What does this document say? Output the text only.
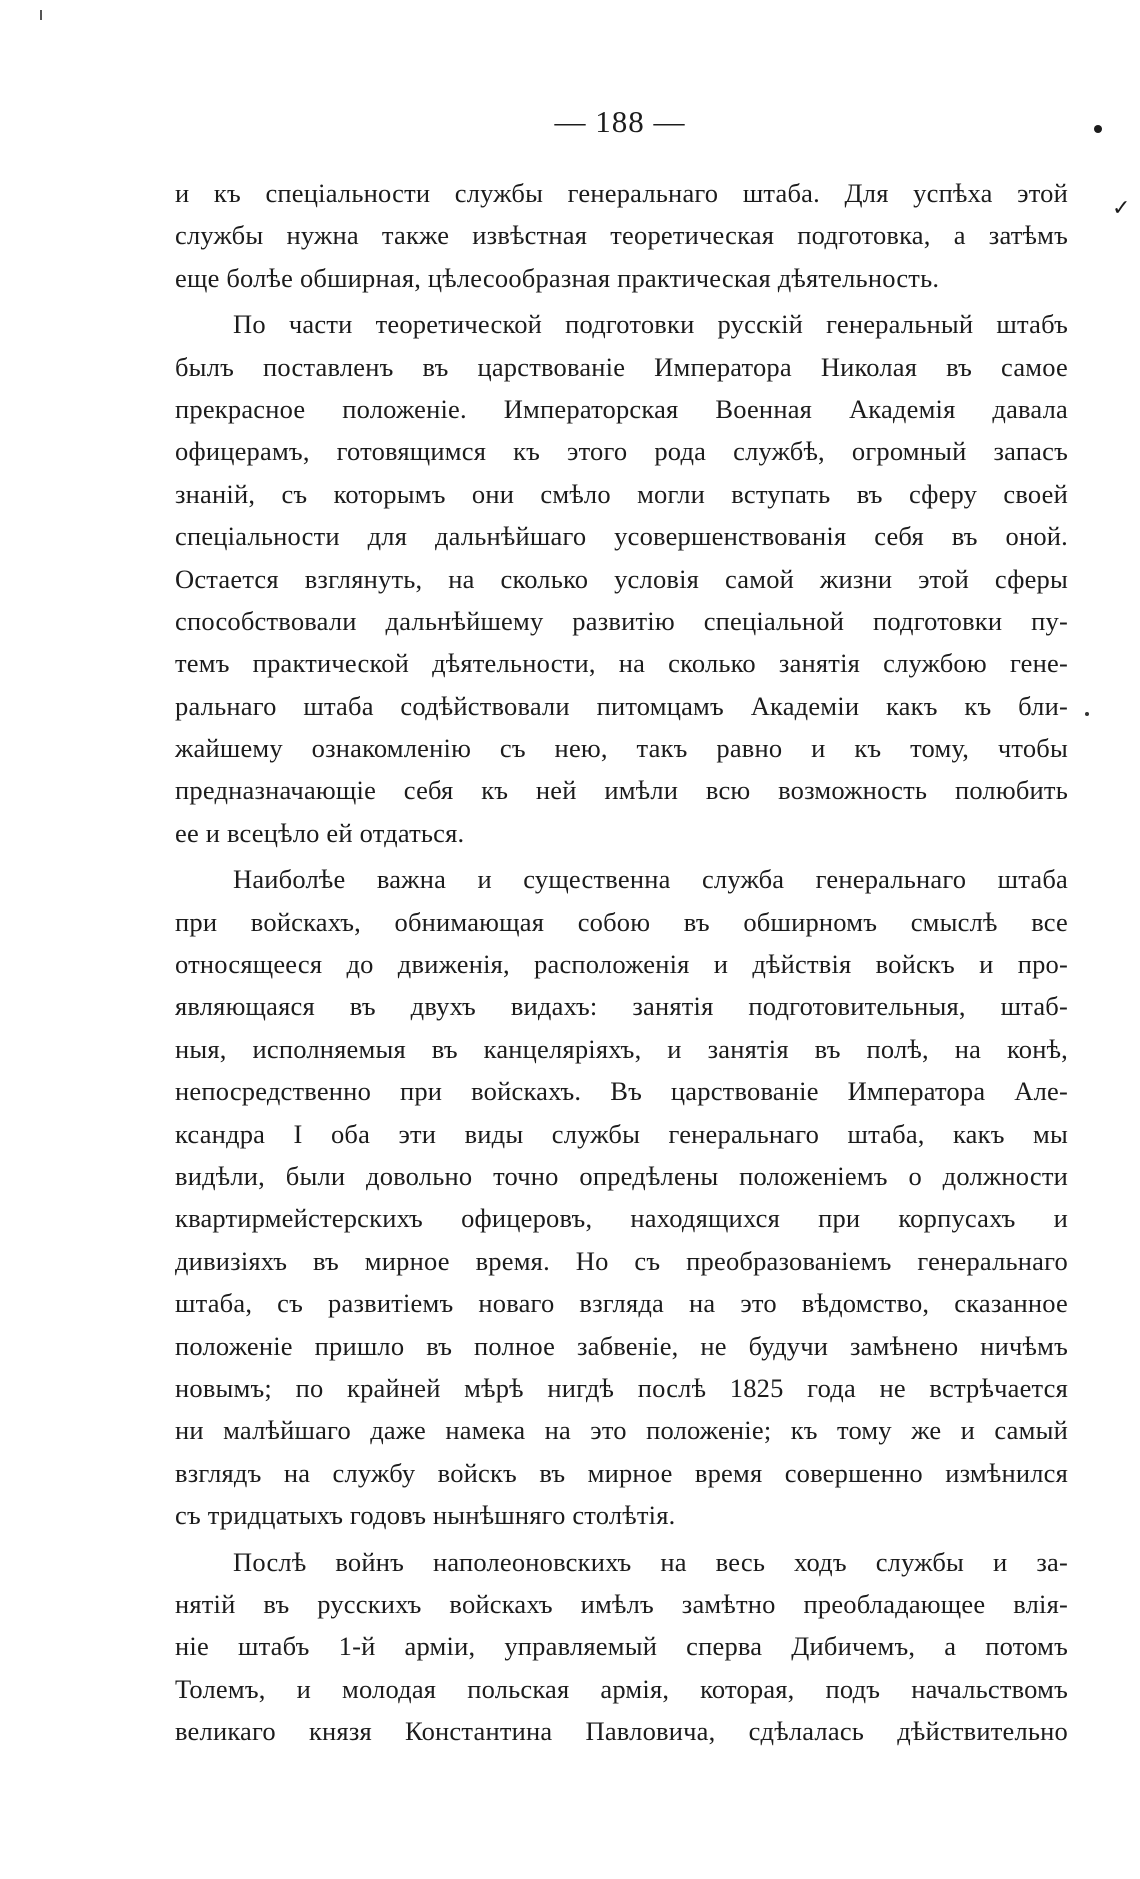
✓
— 188 —
и къ спеціальности службы генеральнаго штаба. Для успѣха этой
службы нужна также извѣстная теоретическая подготовка, а затѣмъ
еще болѣе обширная, цѣлесообразная практическая дѣятельность.
По части теоретической подготовки русскій генеральный штабъ
былъ поставленъ въ царствованіе Императора Николая въ самое
прекрасное положеніе. Императорская Военная Академія давала
офицерамъ, готовящимся къ этого рода службѣ, огромный запасъ
знаній, съ которымъ они смѣло могли вступать въ сферу своей
спеціальности для дальнѣйшаго усовершенствованія себя въ оной.
Остается взглянуть, на сколько условія самой жизни этой сферы
способствовали дальнѣйшему развитію спеціальной подготовки пу-
темъ практической дѣятельности, на сколько занятія службою гене-
ральнаго штаба содѣйствовали питомцамъ Академіи какъ къ бли-
жайшему ознакомленію съ нею, такъ равно и къ тому, чтобы
предназначающіе себя къ ней имѣли всю возможность полюбить
ее и всецѣло ей отдаться.
Наиболѣе важна и существенна служба генеральнаго штаба
при войскахъ, обнимающая собою въ обширномъ смыслѣ все
относящееся до движенія, расположенія и дѣйствія войскъ и про-
являющаяся въ двухъ видахъ: занятія подготовительныя, штаб-
ныя, исполняемыя въ канцеляріяхъ, и занятія въ полѣ, на конѣ,
непосредственно при войскахъ. Въ царствованіе Императора Але-
ксандра I оба эти виды службы генеральнаго штаба, какъ мы
видѣли, были довольно точно опредѣлены положеніемъ о должности
квартирмейстерскихъ офицеровъ, находящихся при корпусахъ и
дивизіяхъ въ мирное время. Но съ преобразованіемъ генеральнаго
штаба, съ развитіемъ новаго взгляда на это вѣдомство, сказанное
положеніе пришло въ полное забвеніе, не будучи замѣнено ничѣмъ
новымъ; по крайней мѣрѣ нигдѣ послѣ 1825 года не встрѣчается
ни малѣйшаго даже намека на это положеніе; къ тому же и самый
взглядъ на службу войскъ въ мирное время совершенно измѣнился
съ тридцатыхъ годовъ нынѣшняго столѣтія.
Послѣ войнъ наполеоновскихъ на весь ходъ службы и за-
нятій въ русскихъ войскахъ имѣлъ замѣтно преобладающее влія-
ніе штабъ 1-й арміи, управляемый сперва Дибичемъ, а потомъ
Толемъ, и молодая польская армія, которая, подъ начальствомъ
великаго князя Константина Павловича, сдѣлалась дѣйствительно
